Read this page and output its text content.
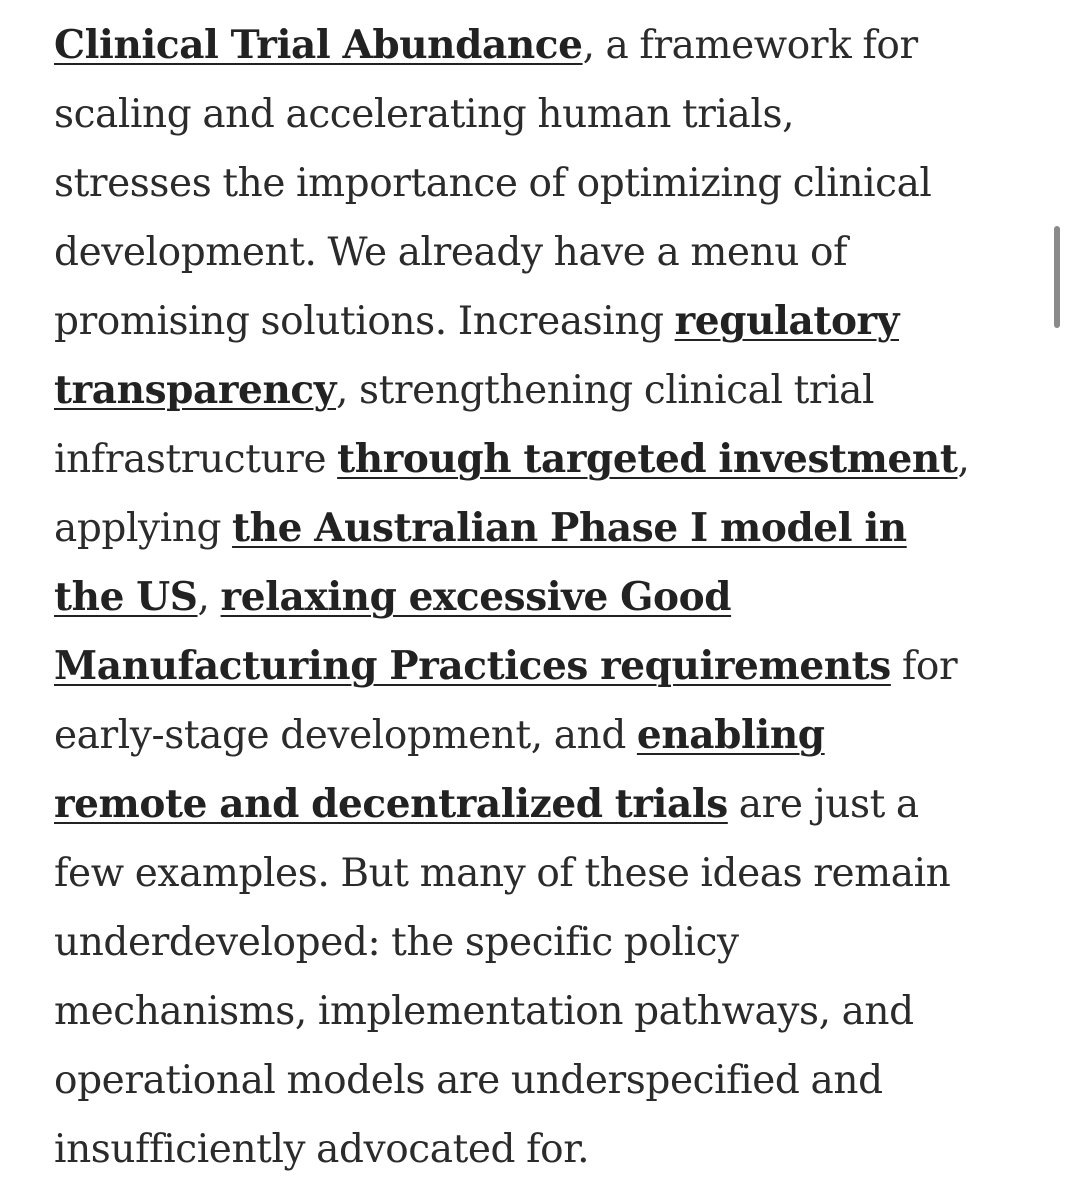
Clinical Trial Abundance, a framework for
scaling and accelerating human trials,
stresses the importance of optimizing clinical
development. We already have a menu of
promising solutions. Increasing regulatory
transparency, strengthening clinical trial
infrastructure through targeted investment,
applying the Australian Phase I model in
the US, relaxing excessive Good
Manufacturing Practices requirements for
early-stage development, and enabling
remote and decentralized trials are just a
few examples. But many of these ideas remain
underdeveloped: the specific policy
mechanisms, implementation pathways, and
operational models are underspecified and
insufficiently advocated for.
